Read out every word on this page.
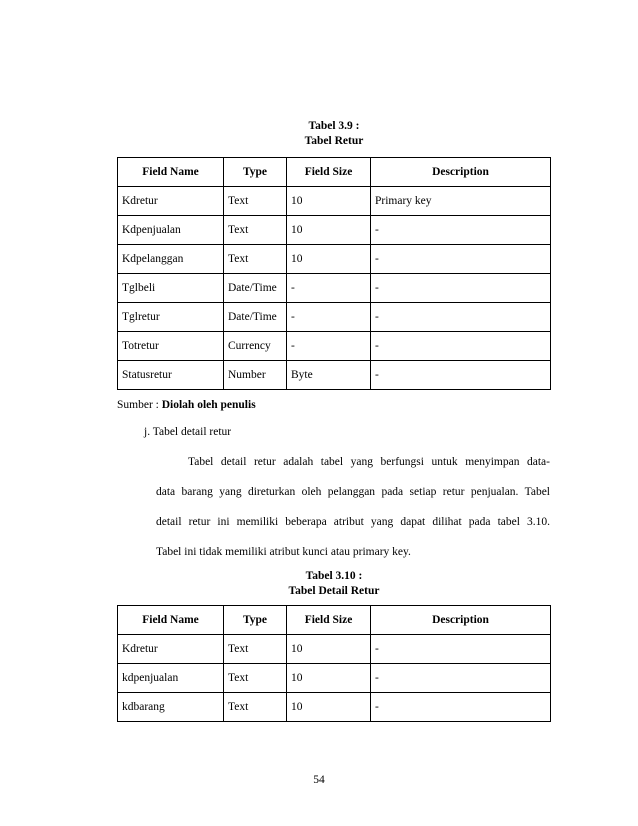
Tabel 3.9 :
Tabel Retur
Field Name	Type	Field Size	Description
Kdretur	Text	10	Primary key
Kdpenjualan	Text	10	-
Kdpelanggan	Text	10	-
Tglbeli	Date/Time	-	-
Tglretur	Date/Time	-	-
Totretur	Currency	-	-
Statusretur	Number	Byte	-
Sumber : Diolah oleh penulis
j. Tabel detail retur
Tabel detail retur adalah tabel yang berfungsi untuk menyimpan data-
data barang yang direturkan oleh pelanggan pada setiap retur penjualan. Tabel
detail retur ini memiliki beberapa atribut yang dapat dilihat pada tabel 3.10.
Tabel ini tidak memiliki atribut kunci atau primary key.
Tabel 3.10 :
Tabel Detail Retur
Field Name	Type	Field Size	Description
Kdretur	Text	10	-
kdpenjualan	Text	10	-
kdbarang	Text	10	-
54
